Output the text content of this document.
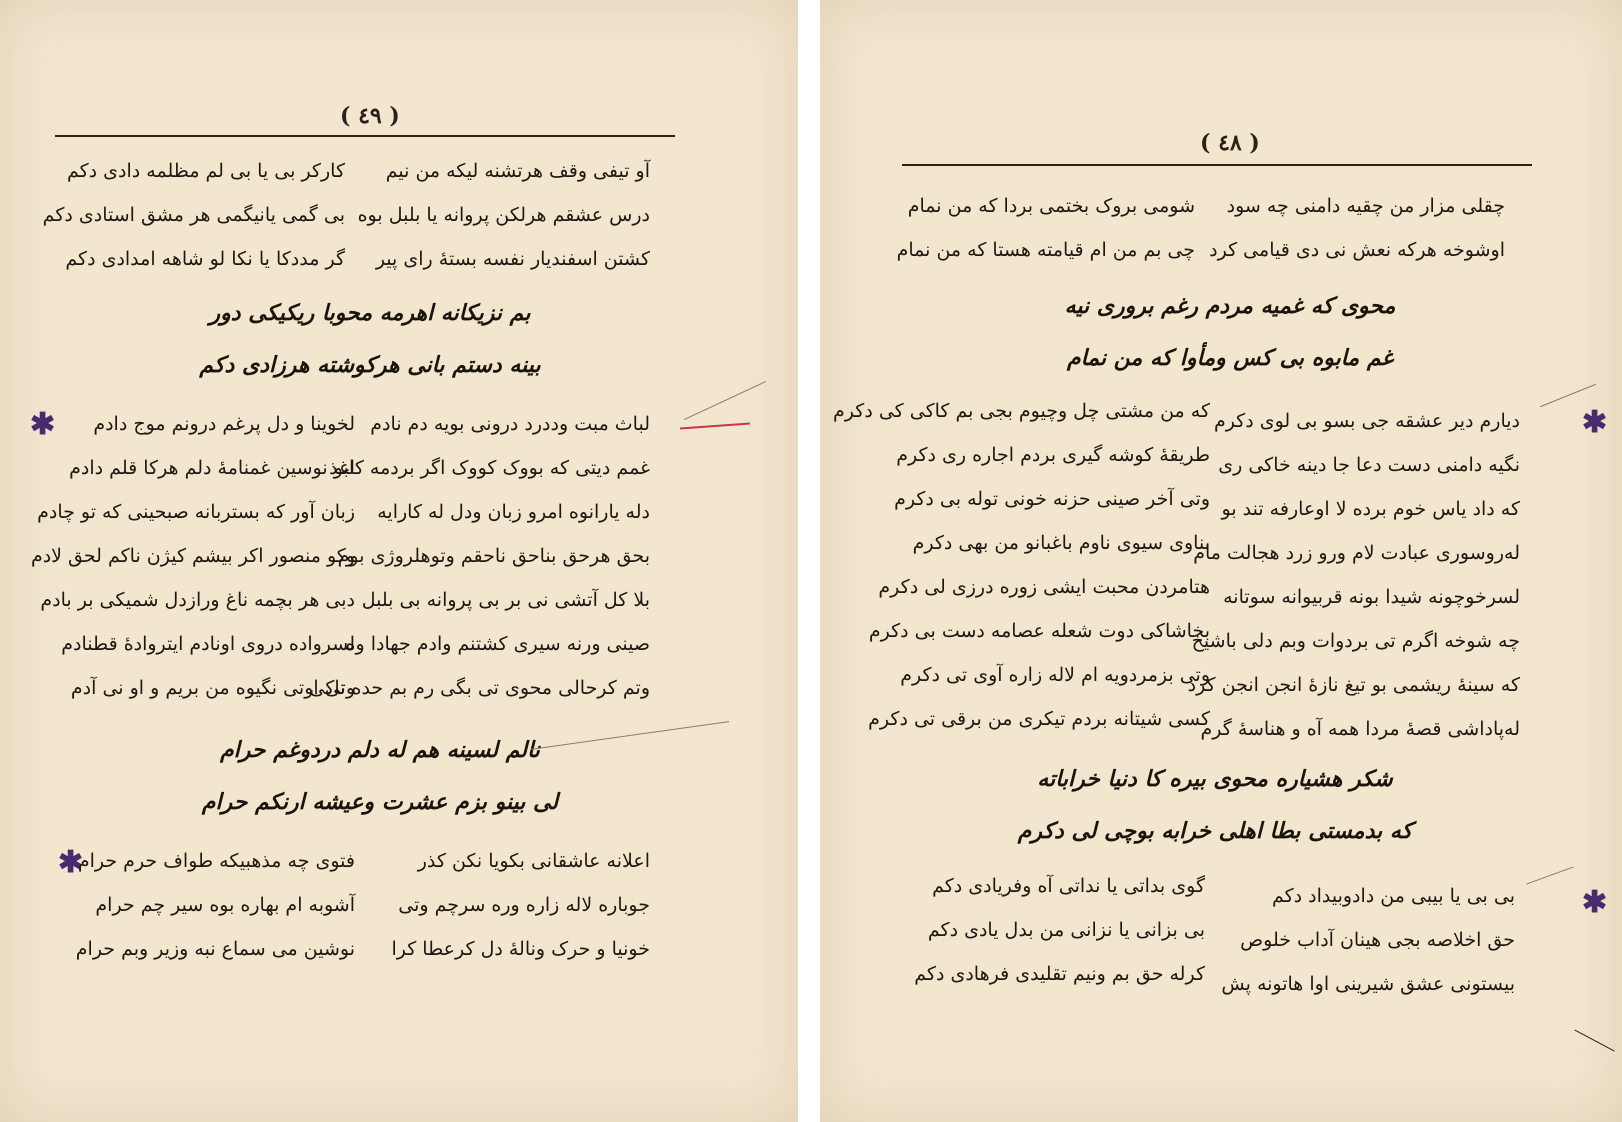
( ٤٩ )
آو تیفی وقف هرتشنه لیکه من نیم
کارکر بی یا بی لم مظلمه دادی دکم
درس عشقم هرلکن پروانه یا بلبل بوه
بی گمی یانیگمی هر مشق استادی دکم
کشتن اسفندیار نفسه بستهٔ رای پیر
گر مددکا یا نکا لو شاهه امدادی دکم
بم نزیکانه اهرمه محوبا ریکیکی دور
بینه دستم بانی هرکوشته هرزادی دکم
✱	لباث مبت وددرد درونی بویه دم نادم
لخوینا و دل پرغم درونم موج دادم
غمم دیتی که بووک کووک اگر بردمه کاغذ
لبو نوسین غمنامهٔ دلم هرکا قلم دادم
دله یارانوه امرو زبان ودل له کارایه
زبان آور که بستربانه صبحینی که تو چادم
بحق هرحق بناحق ناحقم وتوهلروژی بوم
وکو منصور اکر بیشم کیژن ناکم لحق لادم
بلا کل آتشی نی بر بی پروانه بی بلبل
دبی هر بچمه ناغ ورازدل شمیکی بر بادم
صینی ورنه سیری کشتنم وادم جهادا وه
لسرواده دروی اونادم ایتروادهٔ قطنادم
وتم کرحالی محوی تی بگی رم بم حده ناکی
وتی اوتی نگیوه من بریم و او نی آدم
نالم لسینه هم له دلم دردوغم حرام
لی بینو بزم عشرت وعیشه ارنکم حرام
✱	اعلانه عاشقانی بکویا نکن کذر
فتوی چه مذهبیکه طواف حرم حرام
جوباره لاله زاره وره سرچم وتی
آشوبه ام بهاره بوه سیر چم حرام
خونیا و حرک ونالهٔ دل کرعطا کرا
نوشین می سماع نبه وزیر وبم حرام
( ٤٨ )
چقلی مزار من چقیه دامنی چه سود
شومی بروک بختمی بردا که من نمام
اوشوخه هرکه نعش نی دی قیامی کرد
چی بم من ام قیامته هستا که من نمام
محوی که غمیه مردم رغم بروری نیه
غم مابوه بی کس ومأوا که من نمام
✱
دیارم دیر عشقه جی بسو بی لوی دکرم
که من مشتی چل وچیوم بجی بم کاکی کی دکرم
نگیه دامنی دست دعا جا دینه خاکی ری
طریقهٔ کوشه گیری بردم اجاره ری دکرم
که داد یاس خوم برده لا اوعارفه تند بو
وتی آخر صینی حزنه خونی توله بی دکرم
لەروسوری عبادت لام ورو زرد هجالت مام
بناوی سیوی ناوم باغبانو من بهی دکرم
لسرخوچونه شیدا بونه قربیوانه سوتانه
هتامردن محبت ایشی زوره درزی لی دکرم
چه شوخه اگرم تی بردوات وبم دلی باشیخ
بخاشاکی دوت شعله عصامه دست بی دکرم
که سینهٔ ریشمی بو تیغ نازهٔ انجن انجن کرد
وتی بزمردویه ام لاله زاره آوی تی دکرم
لەپاداشی قصهٔ مردا همه آه و هناسهٔ گرم
کسی شیتانه بردم تیکری من برقی تی دکرم
شکر هشیاره محوی بیره کا دنیا خراباته
که بدمستی بطا اهلی خرابه بوچی لی دکرم
✱
بی بی یا بیبی من دادوبیداد دکم
گوی بداتی یا نداتی آه وفریادی دکم
حق اخلاصه بجی هینان آداب خلوص
بی بزانی یا نزانی من بدل یادی دکم
بیستونی عشق شیرینی اوا هاتونه پش
کرله حق بم ونیم تقلیدی فرهادی دکم
